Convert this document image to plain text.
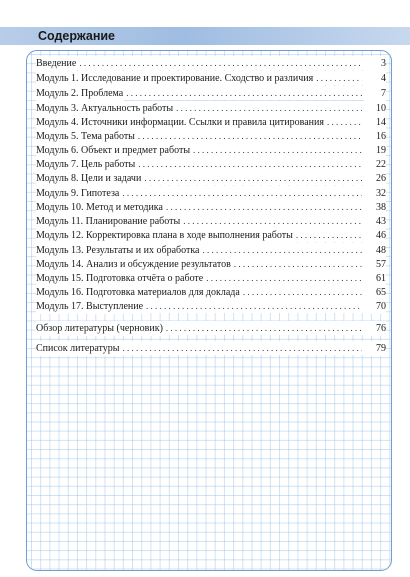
Содержание
Введение . . .	3
Модуль 1. Исследование и проектирование. Сходство и различия . . .	4
Модуль 2. Проблема . . .	7
Модуль 3. Актуальность работы . . .	10
Модуль 4. Источники информации. Ссылки и правила цитирования . . .	14
Модуль 5. Тема работы . . .	16
Модуль 6. Объект и предмет работы . . .	19
Модуль 7. Цель работы . . .	22
Модуль 8. Цели и задачи . . .	26
Модуль 9. Гипотеза . . .	32
Модуль 10. Метод и методика . . .	38
Модуль 11. Планирование работы . . .	43
Модуль 12. Корректировка плана в ходе выполнения работы . . .	46
Модуль 13. Результаты и их обработка . . .	48
Модуль 14. Анализ и обсуждение результатов . . .	57
Модуль 15. Подготовка отчёта о работе . . .	61
Модуль 16. Подготовка материалов для доклада . . .	65
Модуль 17. Выступление . . .	70
Обзор литературы (черновик) . . .	76
Список литературы . . .	79
